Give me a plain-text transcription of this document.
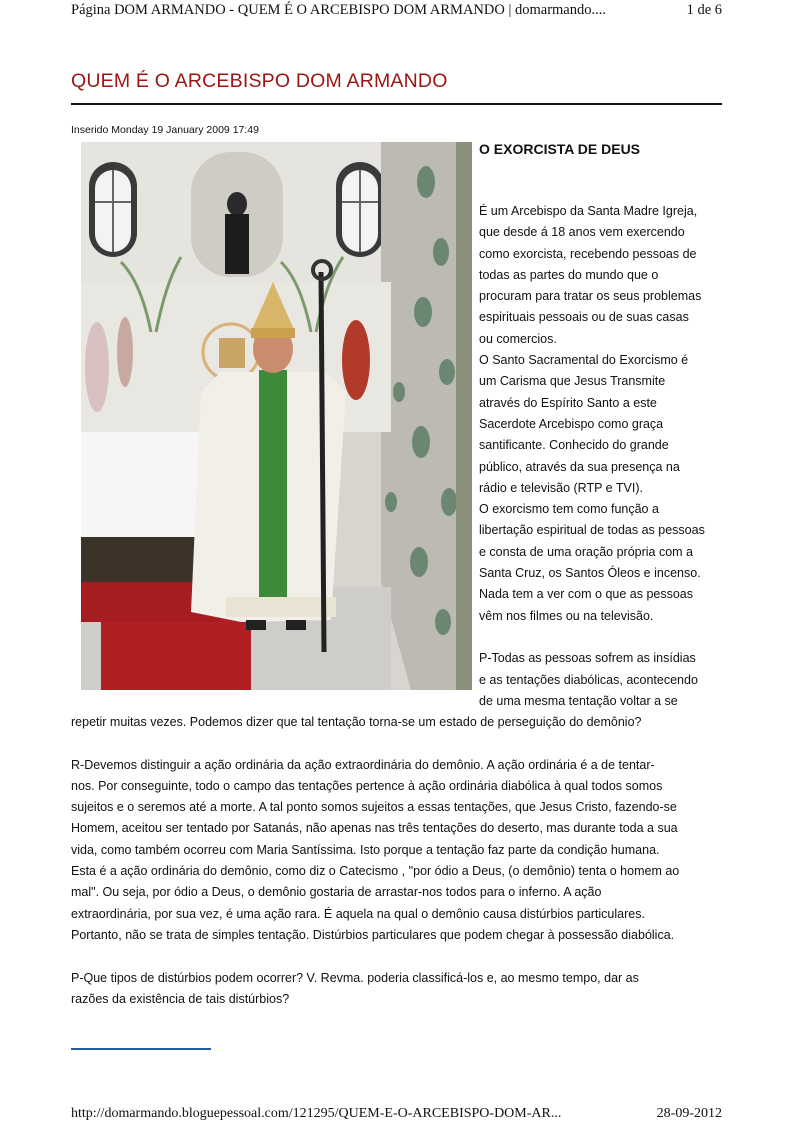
Página DOM ARMANDO - QUEM É O ARCEBISPO DOM ARMANDO | domarmando....	1 de 6
QUEM É O ARCEBISPO DOM ARMANDO
Inserido Monday 19 January 2009 17:49
O EXORCISTA DE DEUS
É um Arcebispo da Santa Madre Igreja,
que desde á 18 anos vem exercendo
como exorcista, recebendo pessoas de
todas as partes do mundo que o
procuram para tratar os seus problemas
espirituais pessoais ou de suas casas
ou comercios.
O Santo Sacramental do Exorcismo é
um Carisma que Jesus Transmite
através do Espírito Santo a este
Sacerdote Arcebispo como graça
santificante. Conhecido do grande
público, através da sua presença na
rádio e televisão (RTP e TVI).
O exorcismo tem como função a
libertação espiritual de todas as pessoas
e consta de uma oração própria com a
Santa Cruz, os Santos Óleos e incenso.
Nada tem a ver com o que as pessoas
vêm nos filmes ou na televisão.

P-Todas as pessoas sofrem as insídias
e as tentações diabólicas, acontecendo
de uma mesma tentação voltar a se
repetir muitas vezes. Podemos dizer que tal tentação torna-se um estado de perseguição do demônio?

R-Devemos distinguir a ação ordinária da ação extraordinária do demônio. A ação ordinária é a de tentar-
nos. Por conseguinte, todo o campo das tentações pertence à ação ordinária diabólica à qual todos somos
sujeitos e o seremos até a morte. A tal ponto somos sujeitos a essas tentações, que Jesus Cristo, fazendo-se
Homem, aceitou ser tentado por Satanás, não apenas nas três tentações do deserto, mas durante toda a sua
vida, como também ocorreu com Maria Santíssima. Isto porque a tentação faz parte da condição humana.
Esta é a ação ordinária do demônio, como diz o Catecismo , "por ódio a Deus, (o demônio) tenta o homem ao
mal". Ou seja, por ódio a Deus, o demônio gostaria de arrastar-nos todos para o inferno. A ação
extraordinária, por sua vez, é uma ação rara. É aquela na qual o demônio causa distúrbios particulares.
Portanto, não se trata de simples tentação. Distúrbios particulares que podem chegar à possessão diabólica.

P-Que tipos de distúrbios podem ocorrer? V. Revma. poderia classificá-los e, ao mesmo tempo, dar as
razões da existência de tais distúrbios?
http://domarmando.bloguepessoal.com/121295/QUEM-E-O-ARCEBISPO-DOM-AR...	28-09-2012
